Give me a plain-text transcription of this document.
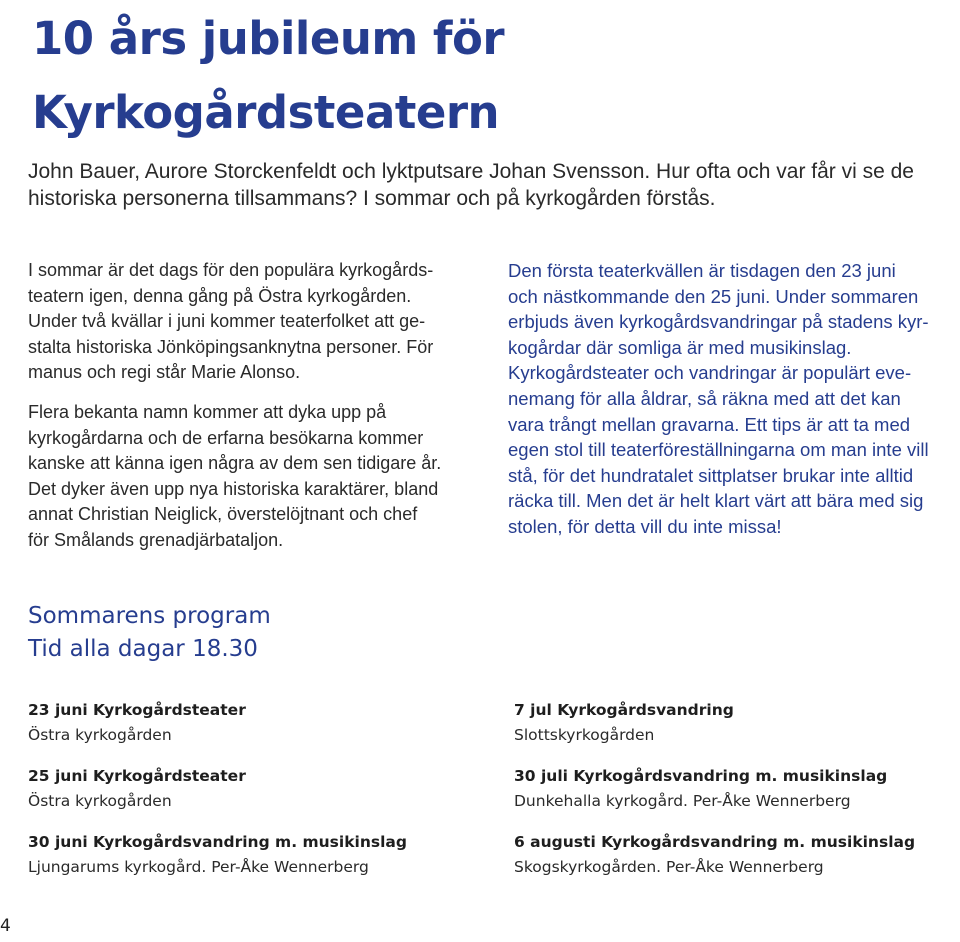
10 års jubileum för
Kyrkogårdsteatern

John Bauer, Aurore Storckenfeldt och lyktputsare Johan Svensson. Hur ofta och var får vi se de historiska personerna tillsammans? I sommar och på kyrkogården förstås.

I sommar är det dags för den populära kyrkogårds-
teatern igen, denna gång på Östra kyrkogården.
Under två kvällar i juni kommer teaterfolket att ge-
stalta historiska Jönköpingsanknytna personer. För
manus och regi står Marie Alonso.

Flera bekanta namn kommer att dyka upp på
kyrkogårdarna och de erfarna besökarna kommer
kanske att känna igen några av dem sen tidigare år.
Det dyker även upp nya historiska karaktärer, bland
annat Christian Neiglick, överstelöjtnant och chef
för Smålands grenadjärbataljon.

Den första teaterkvällen är tisdagen den 23 juni
och nästkommande den 25 juni. Under sommaren
erbjuds även kyrkogårdsvandringar på stadens kyr-
kogårdar där somliga är med musikinslag.
Kyrkogårdsteater och vandringar är populärt eve-
nemang för alla åldrar, så räkna med att det kan
vara trångt mellan gravarna. Ett tips är att ta med
egen stol till teaterföreställningarna om man inte vill
stå, för det hundratalet sittplatser brukar inte alltid
räcka till. Men det är helt klart värt att bära med sig
stolen, för detta vill du inte missa!

Sommarens program
Tid alla dagar 18.30
23 juni Kyrkogårdsteater
Östra kyrkogården
25 juni Kyrkogårdsteater
Östra kyrkogården
30 juni Kyrkogårdsvandring m. musikinslag
Ljungarums kyrkogård. Per-Åke Wennerberg
7 jul Kyrkogårdsvandring
Slottskyrkogården
30 juli Kyrkogårdsvandring m. musikinslag
Dunkehalla kyrkogård. Per-Åke Wennerberg
6 augusti Kyrkogårdsvandring m. musikinslag
Skogskyrkogården. Per-Åke Wennerberg
4
